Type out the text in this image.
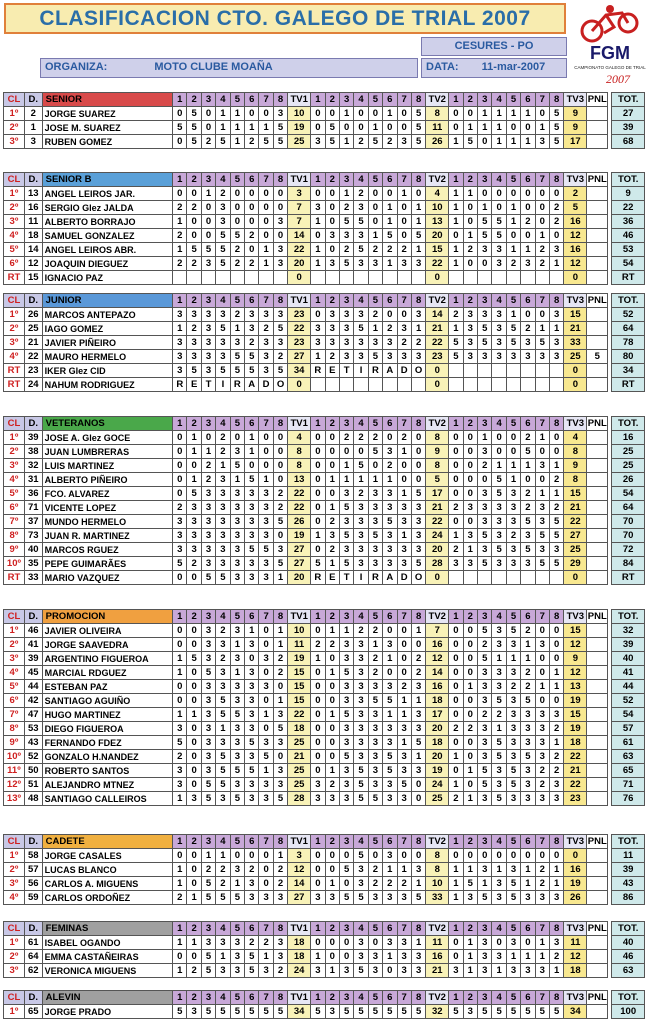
CLASIFICACION CTO. GALEGO DE TRIAL 2007
CESURES - PO
ORGANIZA:	MOTO CLUBE MOAÑA	DATA: 11-mar-2007
FGM
CAMPIONATO GALEGO DE TRIAL
2007
CL	D.	SENIOR	1	2	3	4	5	6	7	8	TV1	1	2	3	4	5	6	7	8	TV2	1	2	3	4	5	6	7	8	TV3	PNL		TOT.
1º	2	JORGE SUAREZ	0	5	0	1	1	0	0	3	10	0	0	1	0	0	1	0	5	8	0	0	1	1	1	1	0	5	9			27
2º	1	JOSE M. SUAREZ	5	5	0	1	1	1	1	5	19	0	5	0	0	1	0	0	5	11	0	1	1	1	0	0	1	5	9			39
3º	3	RUBEN GOMEZ	0	5	2	5	1	2	5	5	25	3	5	1	2	5	2	3	5	26	1	5	0	1	1	1	3	5	17			68
CL	D.	SENIOR B	1	2	3	4	5	6	7	8	TV1	1	2	3	4	5	6	7	8	TV2	1	2	3	4	5	6	7	8	TV3	PNL		TOT.
1º	13	ANGEL LEIROS JAR.	0	0	1	2	0	0	0	0	3	0	0	1	2	0	0	1	0	4	1	1	0	0	0	0	0	0	2			9
2º	16	SERGIO Glez JALDA	2	2	0	3	0	0	0	0	7	3	0	2	3	0	1	0	1	10	1	0	1	0	1	0	0	2	5			22
3º	11	ALBERTO BORRAJO	1	0	0	3	0	0	0	3	7	1	0	5	5	0	1	0	1	13	1	0	5	5	1	2	0	2	16			36
4º	18	SAMUEL GONZALEZ	2	0	0	5	5	2	0	0	14	0	3	3	3	1	5	0	5	20	0	1	5	5	0	0	1	0	12			46
5º	14	ANGEL LEIROS ABR.	1	5	5	5	2	0	1	3	22	1	0	2	5	2	2	2	1	15	1	2	3	3	1	1	2	3	16			53
6º	12	JOAQUIN DIEGUEZ	2	2	3	5	2	2	1	3	20	1	3	5	3	3	1	3	3	22	1	0	0	3	2	3	2	1	12			54
RT	15	IGNACIO PAZ									0									0									0			RT
CL	D.	JUNIOR	1	2	3	4	5	6	7	8	TV1	1	2	3	4	5	6	7	8	TV2	1	2	3	4	5	6	7	8	TV3	PNL		TOT.
1º	26	MARCOS ANTEPAZO	3	3	3	3	2	3	3	3	23	0	3	3	3	2	0	0	3	14	2	3	3	3	1	0	0	3	15			52
2º	25	IAGO GOMEZ	1	2	3	5	1	3	2	5	22	3	3	3	5	1	2	3	1	21	1	3	5	3	5	2	1	1	21			64
3º	21	JAVIER PIÑEIRO	3	3	3	3	3	2	3	3	23	3	3	3	3	3	3	2	2	22	5	3	5	3	5	3	5	3	33			78
4º	22	MAURO HERMELO	3	3	3	3	5	5	3	2	27	1	2	3	3	5	3	3	3	23	5	3	3	3	3	3	3	3	25	5		80
RT	23	IKER Glez CID	3	5	3	5	5	5	3	5	34	R	E	T	I	R	A	D	O	0									0			34
RT	24	NAHUM RODRIGUEZ	R	E	T	I	R	A	D	O	0									0									0			RT
CL	D.	VETERANOS	1	2	3	4	5	6	7	8	TV1	1	2	3	4	5	6	7	8	TV2	1	2	3	4	5	6	7	8	TV3	PNL		TOT.
1º	39	JOSE A. Glez GOCE	0	1	0	2	0	1	0	0	4	0	0	2	2	2	0	2	0	8	0	0	1	0	0	2	1	0	4			16
2º	38	JUAN LUMBRERAS	0	1	1	2	3	1	0	0	8	0	0	0	0	5	3	1	0	9	0	0	3	0	0	5	0	0	8			25
3º	32	LUIS MARTINEZ	0	0	2	1	5	0	0	0	8	0	0	1	5	0	2	0	0	8	0	0	2	1	1	1	3	1	9			25
4º	31	ALBERTO PIÑEIRO	0	1	2	3	1	5	1	0	13	0	1	1	1	1	1	0	0	5	0	0	0	5	1	0	0	2	8			26
5º	36	FCO. ALVAREZ	0	5	3	3	3	3	3	2	22	0	0	3	2	3	3	1	5	17	0	0	3	5	3	2	1	1	15			54
6º	71	VICENTE LOPEZ	2	3	3	3	3	3	3	2	22	0	1	5	3	3	3	3	3	21	2	3	3	3	3	2	3	2	21			64
7º	37	MUNDO HERMELO	3	3	3	3	3	3	3	5	26	0	2	3	3	3	5	3	3	22	0	0	3	3	3	5	3	5	22			70
8º	73	JUAN R. MARTINEZ	3	3	3	3	3	3	3	0	19	1	3	5	3	5	3	1	3	24	1	3	5	3	2	3	5	5	27			70
9º	40	MARCOS RGUEZ	3	3	3	3	3	5	5	3	27	0	2	3	3	3	3	3	3	20	2	1	3	5	3	5	3	3	25			72
10º	35	PEPE GUIMARÃES	5	2	3	3	3	3	3	5	27	5	1	5	3	3	3	3	5	28	3	3	5	3	3	3	5	5	29			84
RT	33	MARIO VAZQUEZ	0	0	5	5	3	3	3	1	20	R	E	T	I	R	A	D	O	0									0			RT
CL	D.	PROMOCION	1	2	3	4	5	6	7	8	TV1	1	2	3	4	5	6	7	8	TV2	1	2	3	4	5	6	7	8	TV3	PNL		TOT.
1º	46	JAVIER OLIVEIRA	0	0	3	2	3	1	0	1	10	0	1	1	2	2	0	0	1	7	0	0	5	3	5	2	0	0	15			32
2º	41	JORGE SAAVEDRA	0	0	3	3	1	3	0	1	11	2	2	3	3	1	3	0	0	16	0	0	2	3	3	1	3	0	12			39
3º	39	ARGENTINO FIGUEROA	1	5	3	2	3	0	3	2	19	1	0	3	3	2	1	0	2	12	0	0	5	1	1	1	0	0	9			40
4º	45	MARCIAL RDGUEZ	1	0	5	3	1	3	0	2	15	0	1	5	3	2	0	0	2	14	0	0	3	3	3	2	0	1	12			41
5º	44	ESTEBAN PAZ	0	0	3	3	3	3	3	0	15	0	0	3	3	3	3	2	3	16	0	1	3	3	2	2	1	1	13			44
6º	42	SANTIAGO AGUIÑO	0	0	3	5	3	3	0	1	15	0	0	3	3	5	5	1	1	18	0	0	3	5	3	5	0	0	19			52
7º	47	HUGO MARTINEZ	1	1	3	5	5	3	1	3	22	0	1	5	3	3	1	1	3	17	0	0	2	2	3	3	3	3	15			54
8º	53	DIEGO FIGUEROA	3	0	3	1	3	3	0	5	18	0	0	3	3	3	3	3	3	20	2	2	3	1	3	3	3	2	19			57
9º	43	FERNANDO FDEZ	5	0	3	3	3	5	3	3	25	0	0	3	3	3	3	1	5	18	0	0	3	5	3	3	3	1	18			61
10º	52	GONZALO H.NANDEZ	2	0	3	5	3	3	5	0	21	0	0	5	3	3	5	3	1	20	1	0	3	5	3	5	3	2	22			63
11º	50	ROBERTO SANTOS	3	0	3	5	5	5	1	3	25	0	1	3	5	3	5	3	3	19	0	1	5	3	5	3	2	2	21			65
12º	51	ALEJANDRO MTNEZ	3	0	5	5	3	3	3	3	25	3	2	3	5	3	3	5	0	24	1	0	5	3	5	3	2	3	22			71
13º	48	SANTIAGO CALLEIROS	1	3	5	3	5	3	3	5	28	3	3	3	5	5	3	3	0	25	2	1	3	5	3	3	3	3	23			76
CL	D.	CADETE	1	2	3	4	5	6	7	8	TV1	1	2	3	4	5	6	7	8	TV2	1	2	3	4	5	6	7	8	TV3	PNL		TOT.
1º	58	JORGE CASALES	0	0	1	1	0	0	0	1	3	0	0	0	5	0	3	0	0	8	0	0	0	0	0	0	0	0	0			11
2º	57	LUCAS BLANCO	1	0	2	2	3	2	0	2	12	0	0	5	3	2	1	1	3	8	1	1	3	1	3	1	2	1	16			39
3º	56	CARLOS A. MIGUENS	1	0	5	2	1	3	0	2	14	0	1	0	3	2	2	2	1	10	1	5	1	3	5	1	2	1	19			43
4º	59	CARLOS ORDOÑEZ	2	1	5	5	5	3	3	3	27	3	3	5	5	3	3	3	5	33	1	3	5	3	5	3	3	3	26			86
CL	D.	FEMINAS	1	2	3	4	5	6	7	8	TV1	1	2	3	4	5	6	7	8	TV2	1	2	3	4	5	6	7	8	TV3	PNL		TOT.
1º	61	ISABEL OGANDO	1	1	3	3	3	2	2	3	18	0	0	0	3	0	3	3	1	11	0	1	3	0	3	0	1	3	11			40
2º	64	EMMA CASTAÑEIRAS	0	0	5	1	3	5	1	3	18	1	0	0	3	3	1	3	3	16	0	1	3	3	1	1	1	2	12			46
3º	62	VERONICA MIGUENS	1	2	5	3	3	5	3	2	24	3	1	3	5	3	0	3	3	21	3	1	3	1	3	3	3	1	18			63
CL	D.	ALEVIN	1	2	3	4	5	6	7	8	TV1	1	2	3	4	5	6	7	8	TV2	1	2	3	4	5	6	7	8	TV3	PNL		TOT.
1º	65	JORGE PRADO	5	3	5	5	5	5	5	5	34	5	3	5	5	5	5	5	5	32	5	3	5	5	5	5	5	5	34			100
